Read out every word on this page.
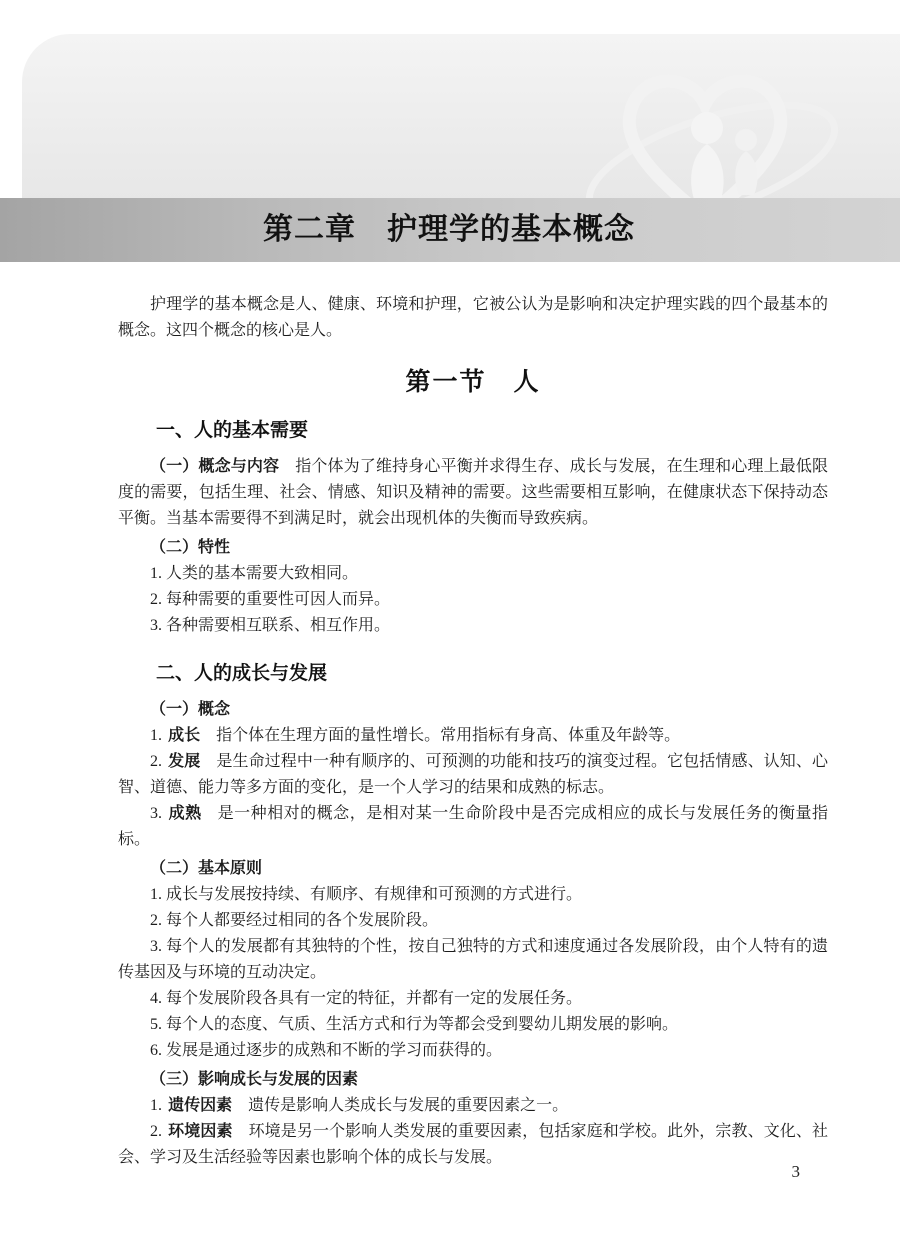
第二章　护理学的基本概念

护理学的基本概念是人、健康、环境和护理，它被公认为是影响和决定护理实践的四个最基本的概念。这四个概念的核心是人。

第一节　人
一、人的基本需要

（一）概念与内容 指个体为了维持身心平衡并求得生存、成长与发展，在生理和心理上最低限度的需要，包括生理、社会、情感、知识及精神的需要。这些需要相互影响，在健康状态下保持动态平衡。当基本需要得不到满足时，就会出现机体的失衡而导致疾病。

（二）特性

1. 人类的基本需要大致相同。

2. 每种需要的重要性可因人而异。

3. 各种需要相互联系、相互作用。

二、人的成长与发展

（一）概念

1. 成长 指个体在生理方面的量性增长。常用指标有身高、体重及年龄等。

2. 发展 是生命过程中一种有顺序的、可预测的功能和技巧的演变过程。它包括情感、认知、心智、道德、能力等多方面的变化，是一个人学习的结果和成熟的标志。

3. 成熟 是一种相对的概念，是相对某一生命阶段中是否完成相应的成长与发展任务的衡量指标。

（二）基本原则

1. 成长与发展按持续、有顺序、有规律和可预测的方式进行。

2. 每个人都要经过相同的各个发展阶段。

3. 每个人的发展都有其独特的个性，按自己独特的方式和速度通过各发展阶段，由个人特有的遗传基因及与环境的互动决定。

4. 每个发展阶段各具有一定的特征，并都有一定的发展任务。

5. 每个人的态度、气质、生活方式和行为等都会受到婴幼儿期发展的影响。

6. 发展是通过逐步的成熟和不断的学习而获得的。

（三）影响成长与发展的因素

1. 遗传因素 遗传是影响人类成长与发展的重要因素之一。

2. 环境因素 环境是另一个影响人类发展的重要因素，包括家庭和学校。此外，宗教、文化、社会、学习及生活经验等因素也影响个体的成长与发展。

3
